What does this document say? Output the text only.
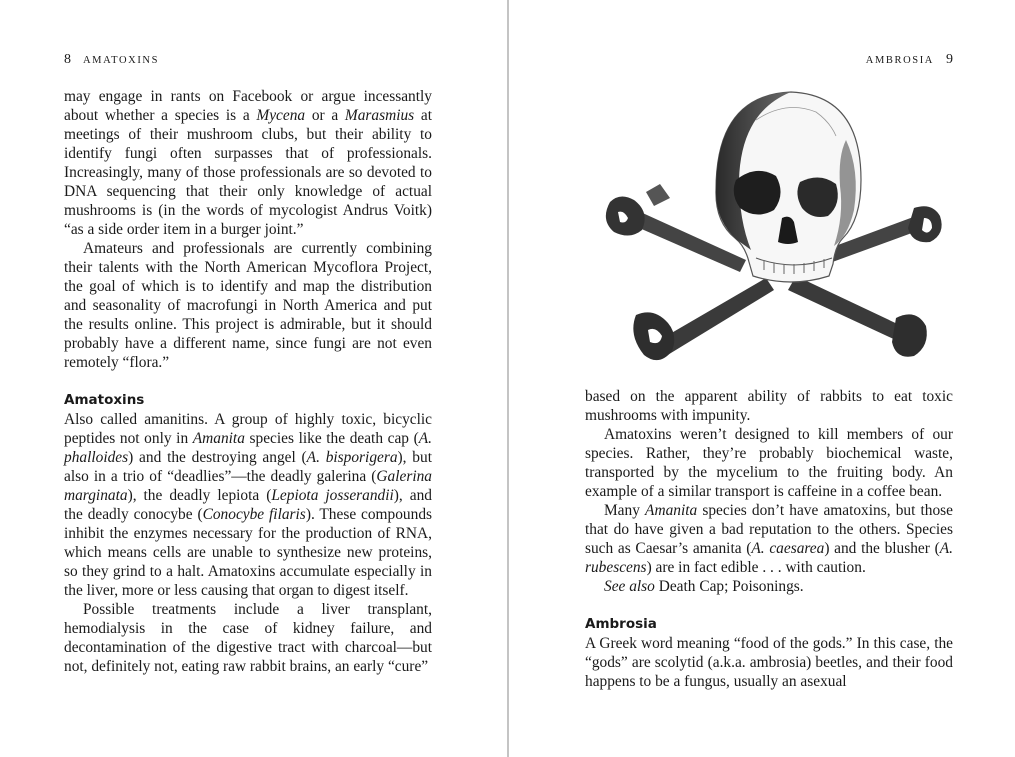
8 AMATOXINS

may engage in rants on Facebook or argue incessantly about whether a species is a Mycena or a Marasmius at meetings of their mushroom clubs, but their ability to identify fungi often surpasses that of professionals. Increasingly, many of those professionals are so devoted to DNA sequencing that their only knowledge of actual mushrooms is (in the words of mycologist Andrus Voitk) “as a side order item in a burger joint.”

Amateurs and professionals are currently combining their talents with the North American Mycoflora Project, the goal of which is to identify and map the distribution and seasonality of macrofungi in North America and put the results online. This project is admirable, but it should probably have a different name, since fungi are not even remotely “flora.”

Amatoxins

Also called amanitins. A group of highly toxic, bicyclic peptides not only in Amanita species like the death cap (A. phalloides) and the destroying angel (A. bisporigera), but also in a trio of “deadlies”—the deadly galerina (Galerina marginata), the deadly lepiota (Lepiota josserandii), and the deadly conocybe (Conocybe filaris). These compounds inhibit the enzymes necessary for the production of RNA, which means cells are unable to synthesize new proteins, so they grind to a halt. Amatoxins accumulate especially in the liver, more or less causing that organ to digest itself.

Possible treatments include a liver transplant, hemodialysis in the case of kidney failure, and decontamination of the digestive tract with charcoal—but not, definitely not, eating raw rabbit brains, an early “cure”

AMBROSIA 9

based on the apparent ability of rabbits to eat toxic mushrooms with impunity.

Amatoxins weren’t designed to kill members of our species. Rather, they’re probably biochemical waste, transported by the mycelium to the fruiting body. An example of a similar transport is caffeine in a coffee bean.

Many Amanita species don’t have amatoxins, but those that do have given a bad reputation to the others. Species such as Caesar’s amanita (A. caesarea) and the blusher (A. rubescens) are in fact edible . . . with caution.

See also Death Cap; Poisonings.

Ambrosia

A Greek word meaning “food of the gods.” In this case, the “gods” are scolytid (a.k.a. ambrosia) beetles, and their food happens to be a fungus, usually an asexual
